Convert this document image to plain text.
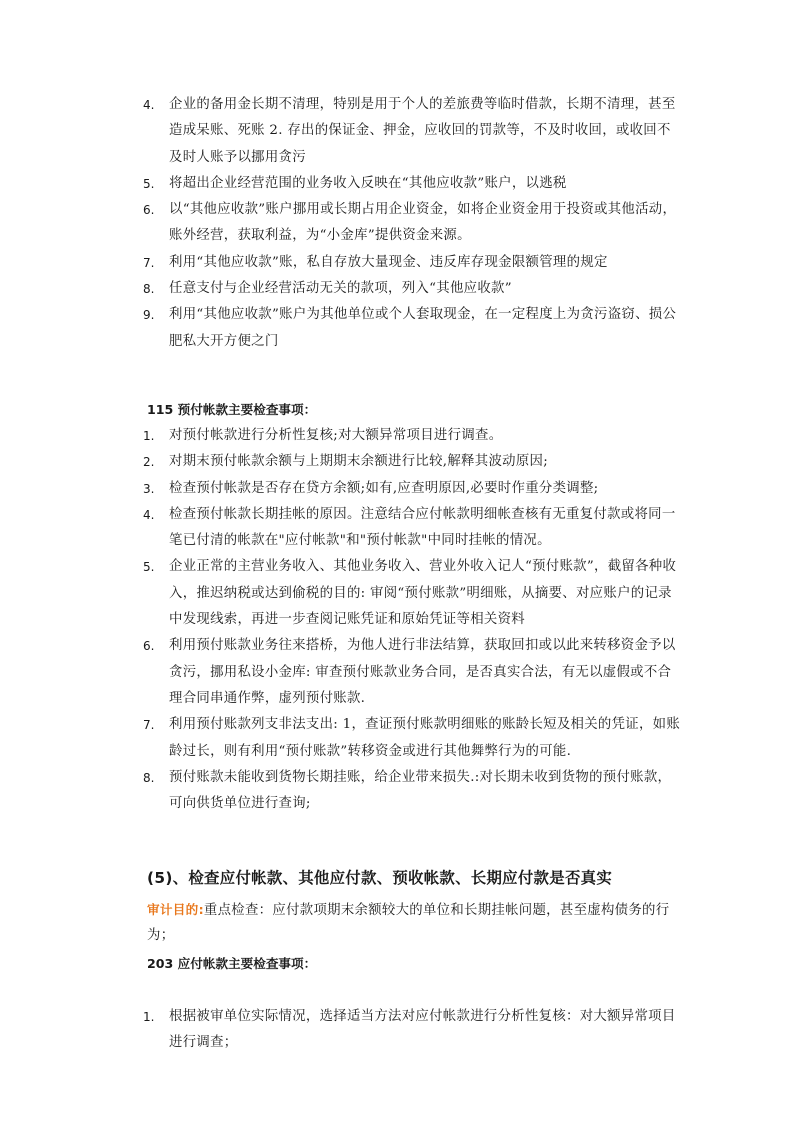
4.	企业的备用金长期不清理，特别是用于个人的差旅费等临时借款，长期不清理，甚至造成呆账、死账 2. 存出的保证金、押金，应收回的罚款等，不及时收回，或收回不及时人账予以挪用贪污
5.	将超出企业经营范围的业务收入反映在“其他应收款”账户，以逃税
6.	以“其他应收款”账户挪用或长期占用企业资金，如将企业资金用于投资或其他活动，账外经营，获取利益，为“小金库”提供资金来源。
7.	利用“其他应收款”账，私自存放大量现金、违反库存现金限额管理的规定
8.	任意支付与企业经营活动无关的款项，列入“其他应收款”
9.	利用“其他应收款”账户为其他单位或个人套取现金，在一定程度上为贪污盗窃、损公肥私大开方便之门
115 预付帐款主要检查事项：
1.	对预付帐款进行分析性复核;对大额异常项目进行调查。
2.	对期末预付帐款余额与上期期末余额进行比较,解释其波动原因;
3.	检查预付帐款是否存在贷方余额;如有,应查明原因,必要时作重分类调整;
4.	检查预付帐款长期挂帐的原因。注意结合应付帐款明细帐查核有无重复付款或将同一笔已付清的帐款在"应付帐款"和"预付帐款"中同时挂帐的情况。
5.	企业正常的主营业务收入、其他业务收入、营业外收入记人“预付账款”，截留各种收入，推迟纳税或达到偷税的目的: 审阅“预付账款”明细账，从摘要、对应账户的记录中发现线索，再进一步查阅记账凭证和原始凭证等相关资料
6.	利用预付账款业务往来搭桥，为他人进行非法结算，获取回扣或以此来转移资金予以贪污，挪用私设小金库: 审查预付账款业务合同，是否真实合法，有无以虚假或不合理合同串通作弊，虚列预付账款.
7.	利用预付账款列支非法支出: 1，查证预付账款明细账的账龄长短及相关的凭证，如账龄过长，则有利用“预付账款”转移资金或进行其他舞弊行为的可能.
8.	预付账款未能收到货物长期挂账，给企业带来损失.:对长期未收到货物的预付账款，可向供货单位进行查询;
(5)、检查应付帐款、其他应付款、预收帐款、长期应付款是否真实
审计目的:重点检查：应付款项期末余额较大的单位和长期挂帐问题，甚至虚构债务的行为；
203 应付帐款主要检查事项：
1.	根据被审单位实际情况，选择适当方法对应付帐款进行分析性复核：对大额异常项目进行调查；
